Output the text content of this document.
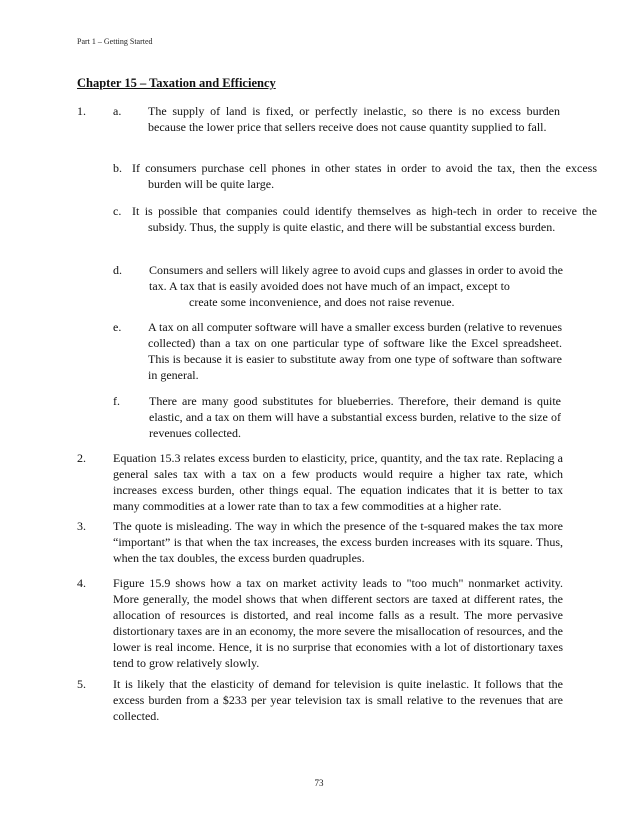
Part 1 – Getting Started
Chapter 15 – Taxation and Efficiency
1. a. The supply of land is fixed, or perfectly inelastic, so there is no excess burden because the lower price that sellers receive does not cause quantity supplied to fall.
b. If consumers purchase cell phones in other states in order to avoid the tax, then the excess burden will be quite large.
c. It is possible that companies could identify themselves as high-tech in order to receive the subsidy. Thus, the supply is quite elastic, and there will be substantial excess burden.
d. Consumers and sellers will likely agree to avoid cups and glasses in order to avoid the tax. A tax that is easily avoided does not have much of an impact, except to
create some inconvenience, and does not raise revenue.
e. A tax on all computer software will have a smaller excess burden (relative to revenues collected) than a tax on one particular type of software like the Excel spreadsheet. This is because it is easier to substitute away from one type of software than software in general.
f. There are many good substitutes for blueberries. Therefore, their demand is quite elastic, and a tax on them will have a substantial excess burden, relative to the size of revenues collected.
2. Equation 15.3 relates excess burden to elasticity, price, quantity, and the tax rate. Replacing a general sales tax with a tax on a few products would require a higher tax rate, which increases excess burden, other things equal. The equation indicates that it is better to tax many commodities at a lower rate than to tax a few commodities at a higher rate.
3. The quote is misleading. The way in which the presence of the t-squared makes the tax more “important” is that when the tax increases, the excess burden increases with its square. Thus, when the tax doubles, the excess burden quadruples.
4. Figure 15.9 shows how a tax on market activity leads to "too much" nonmarket activity. More generally, the model shows that when different sectors are taxed at different rates, the allocation of resources is distorted, and real income falls as a result. The more pervasive distortionary taxes are in an economy, the more severe the misallocation of resources, and the lower is real income. Hence, it is no surprise that economies with a lot of distortionary taxes tend to grow relatively slowly.
5. It is likely that the elasticity of demand for television is quite inelastic. It follows that the excess burden from a $233 per year television tax is small relative to the revenues that are collected.
73
